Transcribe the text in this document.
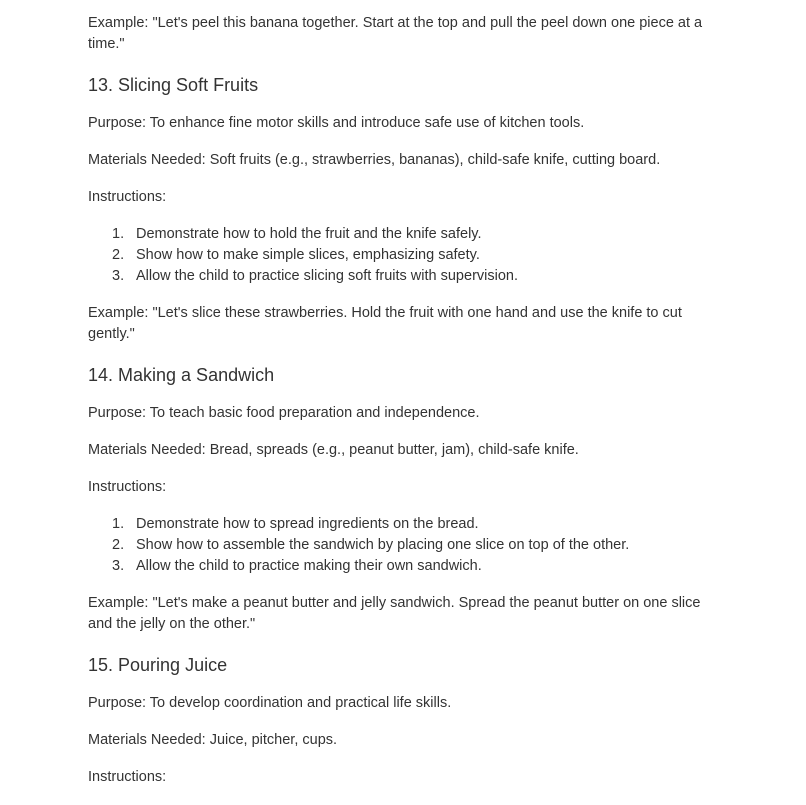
Example: "Let's peel this banana together. Start at the top and pull the peel down one piece at a time."

13. Slicing Soft Fruits

Purpose: To enhance fine motor skills and introduce safe use of kitchen tools.

Materials Needed: Soft fruits (e.g., strawberries, bananas), child-safe knife, cutting board.

Instructions:

1. Demonstrate how to hold the fruit and the knife safely.
2. Show how to make simple slices, emphasizing safety.
3. Allow the child to practice slicing soft fruits with supervision.

Example: "Let's slice these strawberries. Hold the fruit with one hand and use the knife to cut gently."

14. Making a Sandwich

Purpose: To teach basic food preparation and independence.

Materials Needed: Bread, spreads (e.g., peanut butter, jam), child-safe knife.

Instructions:

1. Demonstrate how to spread ingredients on the bread.
2. Show how to assemble the sandwich by placing one slice on top of the other.
3. Allow the child to practice making their own sandwich.

Example: "Let's make a peanut butter and jelly sandwich. Spread the peanut butter on one slice and the jelly on the other."

15. Pouring Juice

Purpose: To develop coordination and practical life skills.

Materials Needed: Juice, pitcher, cups.

Instructions:
